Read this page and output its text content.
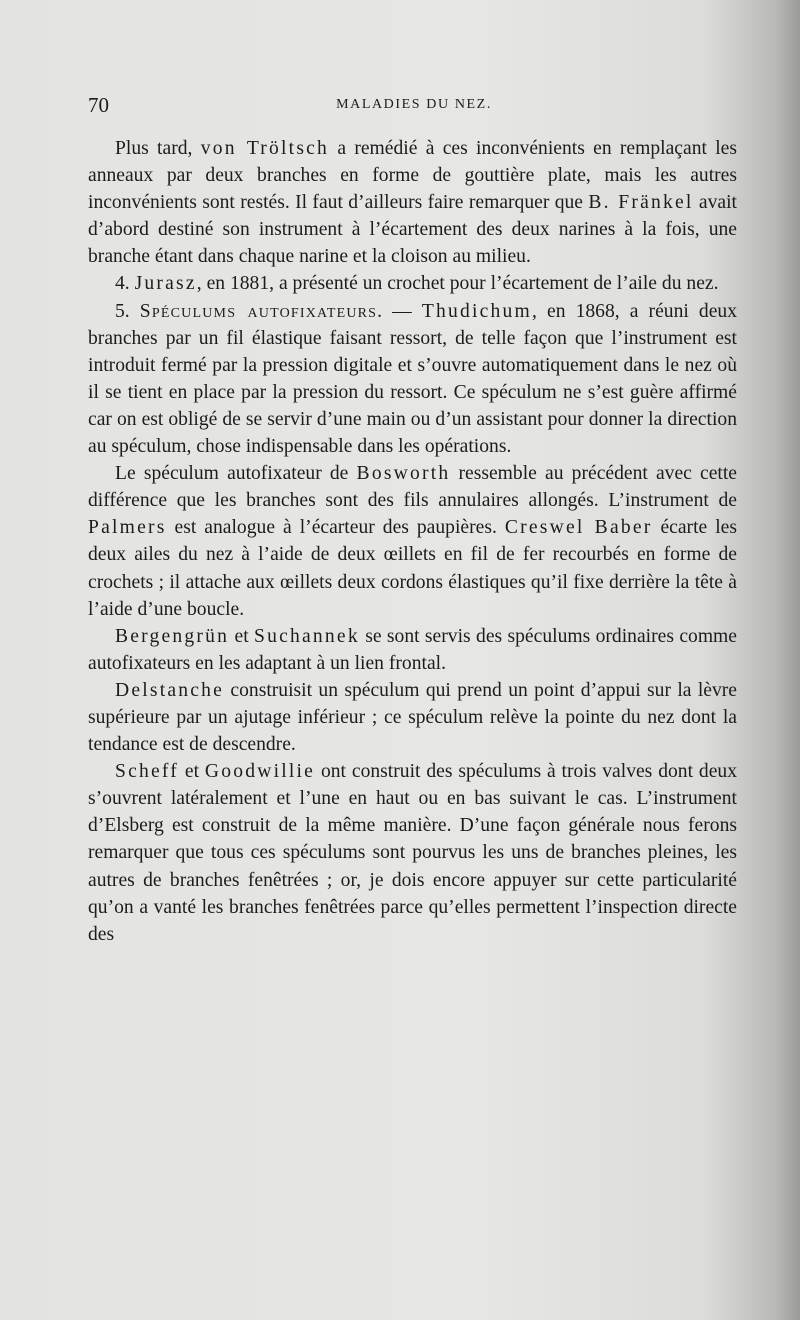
70	MALADIES DU NEZ.

Plus tard, von Tröltsch a remédié à ces inconvénients en remplaçant les anneaux par deux branches en forme de gouttière plate, mais les autres inconvénients sont restés. Il faut d’ailleurs faire remarquer que B. Fränkel avait d’abord destiné son instrument à l’écartement des deux narines à la fois, une branche étant dans chaque narine et la cloison au milieu.

4. Jurasz, en 1881, a présenté un crochet pour l’écartement de l’aile du nez.

5. Spéculums autofixateurs. — Thudichum, en 1868, a réuni deux branches par un fil élastique faisant ressort, de telle façon que l’instrument est introduit fermé par la pression digitale et s’ouvre automatiquement dans le nez où il se tient en place par la pression du ressort. Ce spéculum ne s’est guère affirmé car on est obligé de se servir d’une main ou d’un assistant pour donner la direction au spéculum, chose indispensable dans les opérations.

Le spéculum autofixateur de Bosworth ressemble au précédent avec cette différence que les branches sont des fils annulaires allongés. L’instrument de Palmers est analogue à l’écarteur des paupières. Creswel Baber écarte les deux ailes du nez à l’aide de deux œillets en fil de fer recourbés en forme de crochets ; il attache aux œillets deux cordons élastiques qu’il fixe derrière la tête à l’aide d’une boucle.

Bergengrün et Suchannek se sont servis des spéculums ordinaires comme autofixateurs en les adaptant à un lien frontal.

Delstanche construisit un spéculum qui prend un point d’appui sur la lèvre supérieure par un ajutage inférieur ; ce spéculum relève la pointe du nez dont la tendance est de descendre.

Scheff et Goodwillie ont construit des spéculums à trois valves dont deux s’ouvrent latéralement et l’une en haut ou en bas suivant le cas. L’instrument d’Elsberg est construit de la même manière. D’une façon générale nous ferons remarquer que tous ces spéculums sont pourvus les uns de branches pleines, les autres de branches fenêtrées ; or, je dois encore appuyer sur cette particularité qu’on a vanté les branches fenêtrées parce qu’elles permettent l’inspection directe des
